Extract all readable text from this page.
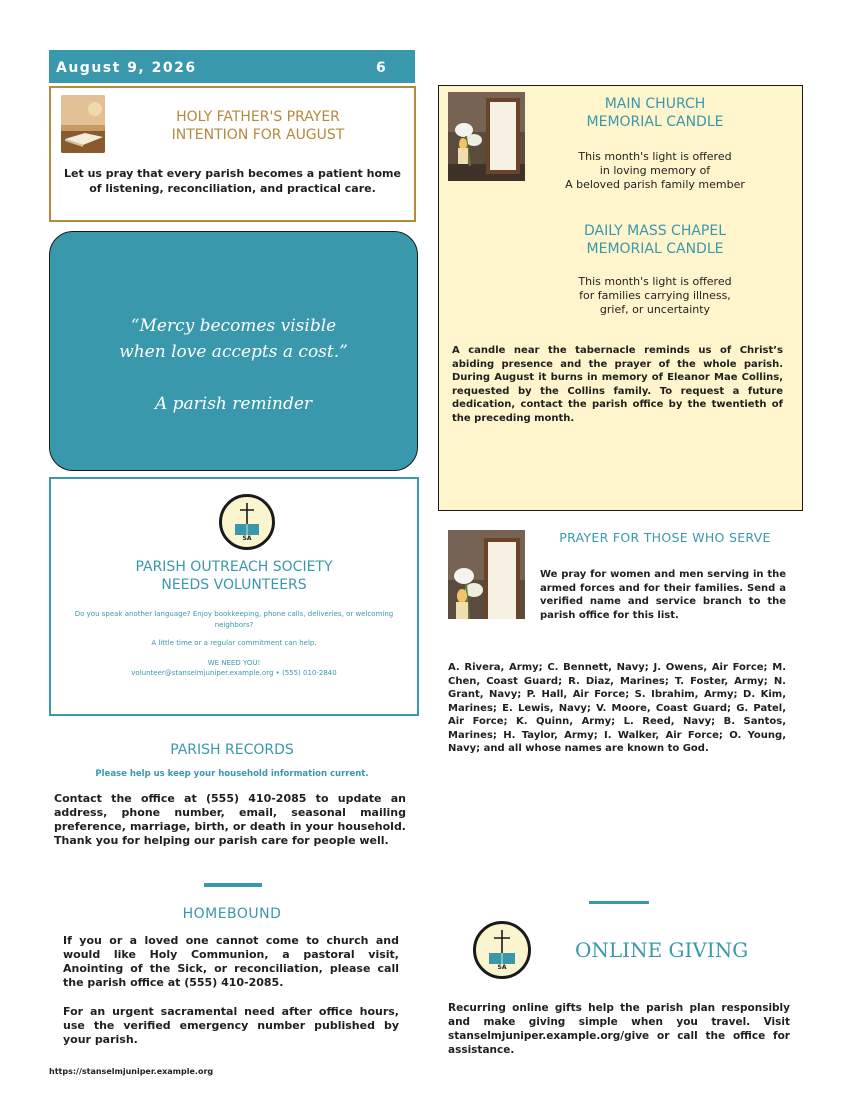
August 9, 2026	6
HOLY FATHER'S PRAYER
INTENTION FOR AUGUST
Let us pray that every parish becomes a patient home of listening, reconciliation, and practical care.
“Mercy becomes visible
when love accepts a cost.”
A parish reminder
SA
PARISH OUTREACH SOCIETY
NEEDS VOLUNTEERS
Do you speak another language? Enjoy bookkeeping, phone calls, deliveries, or welcoming neighbors?
A little time or a regular commitment can help.
WE NEED YOU!
volunteer@stanselmjuniper.example.org • (555) 010-2840
PARISH RECORDS
Please help us keep your household information current.
Contact the office at (555) 410-2085 to update an address, phone number, email, seasonal mailing preference, marriage, birth, or death in your household. Thank you for helping our parish care for people well.
HOMEBOUND
If you or a loved one cannot come to church and would like Holy Communion, a pastoral visit, Anointing of the Sick, or reconciliation, please call the parish office at (555) 410-2085.
For an urgent sacramental need after office hours, use the verified emergency number published by your parish.
https://stanselmjuniper.example.org
MAIN CHURCH
MEMORIAL CANDLE
This month's light is offered
in loving memory of
A beloved parish family member
DAILY MASS CHAPEL
MEMORIAL CANDLE
This month's light is offered
for families carrying illness,
grief, or uncertainty
A candle near the tabernacle reminds us of Christ’s abiding presence and the prayer of the whole parish. During August it burns in memory of Eleanor Mae Collins, requested by the Collins family. To request a future dedication, contact the parish office by the twentieth of the preceding month.
PRAYER FOR THOSE WHO SERVE
We pray for women and men serving in the armed forces and for their families. Send a verified name and service branch to the parish office for this list.
A. Rivera, Army; C. Bennett, Navy; J. Owens, Air Force; M. Chen, Coast Guard; R. Diaz, Marines; T. Foster, Army; N. Grant, Navy; P. Hall, Air Force; S. Ibrahim, Army; D. Kim, Marines; E. Lewis, Navy; V. Moore, Coast Guard; G. Patel, Air Force; K. Quinn, Army; L. Reed, Navy; B. Santos, Marines; H. Taylor, Army; I. Walker, Air Force; O. Young, Navy; and all whose names are known to God.
SA
ONLINE GIVING
Recurring online gifts help the parish plan responsibly and make giving simple when you travel. Visit stanselmjuniper.example.org/give or call the office for assistance.
